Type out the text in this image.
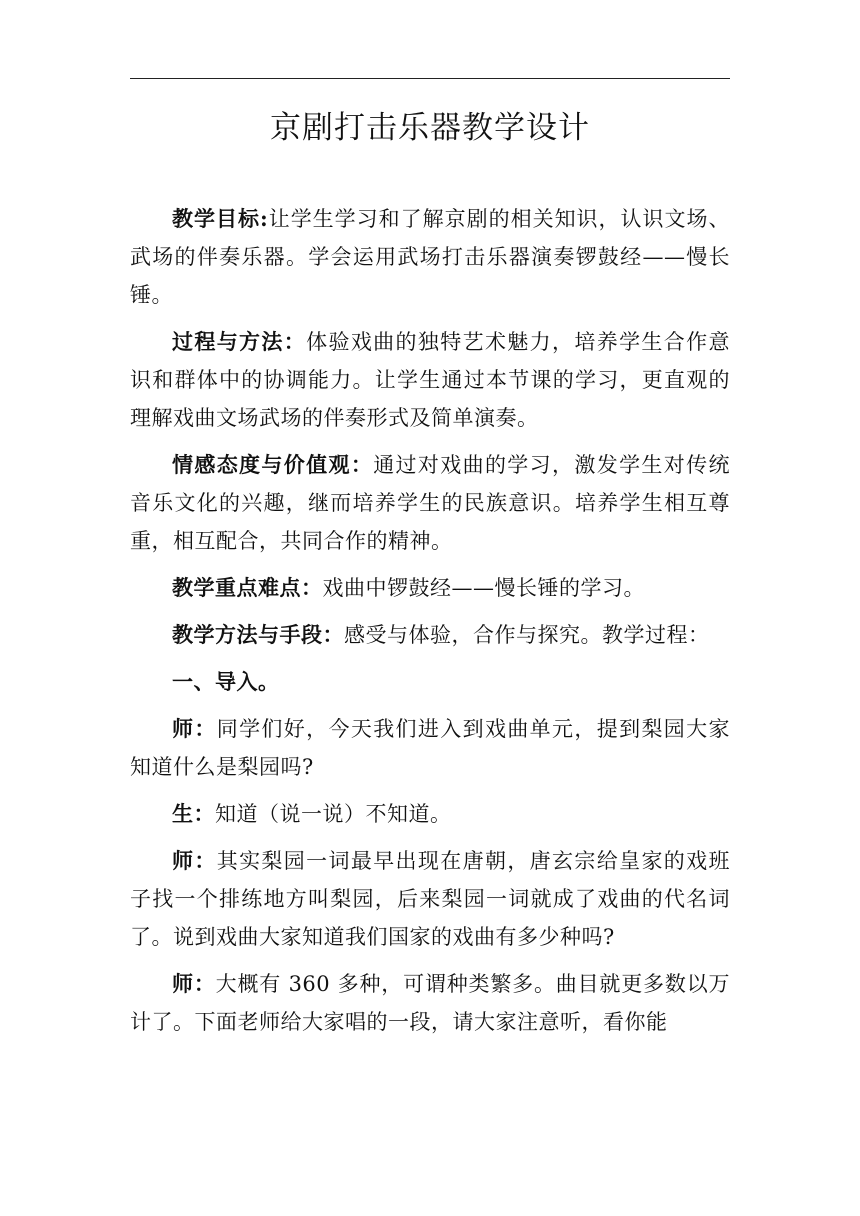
京剧打击乐器教学设计

教学目标:让学生学习和了解京剧的相关知识，认识文场、武场的伴奏乐器。学会运用武场打击乐器演奏锣鼓经——慢长锤。

过程与方法：体验戏曲的独特艺术魅力，培养学生合作意识和群体中的协调能力。让学生通过本节课的学习，更直观的理解戏曲文场武场的伴奏形式及简单演奏。

情感态度与价值观：通过对戏曲的学习，激发学生对传统音乐文化的兴趣，继而培养学生的民族意识。培养学生相互尊重，相互配合，共同合作的精神。

教学重点难点：戏曲中锣鼓经——慢长锤的学习。

教学方法与手段：感受与体验，合作与探究。教学过程：

一、导入。

师：同学们好，今天我们进入到戏曲单元，提到梨园大家知道什么是梨园吗?

生：知道（说一说）不知道。

师：其实梨园一词最早出现在唐朝，唐玄宗给皇家的戏班子找一个排练地方叫梨园，后来梨园一词就成了戏曲的代名词了。说到戏曲大家知道我们国家的戏曲有多少种吗?

师：大概有 360 多种，可谓种类繁多。曲目就更多数以万计了。下面老师给大家唱的一段，请大家注意听，看你能
